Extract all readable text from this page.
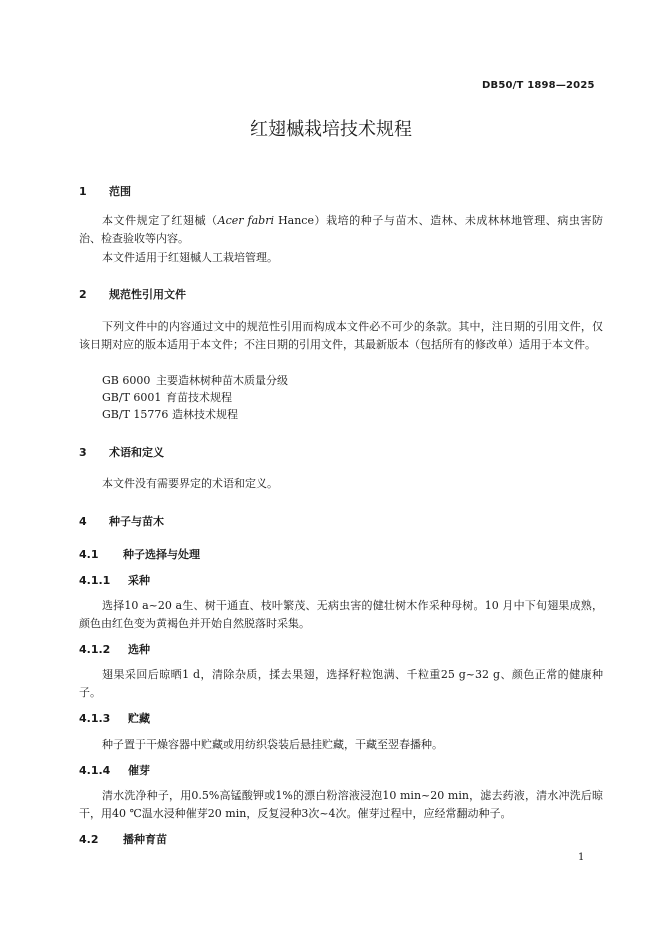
DB50/T 1898—2025
红翅槭栽培技术规程
1 范围
本文件规定了红翅槭（Acer fabri Hance）栽培的种子与苗木、造林、未成林林地管理、病虫害防治、检查验收等内容。
本文件适用于红翅槭人工栽培管理。
2 规范性引用文件
下列文件中的内容通过文中的规范性引用而构成本文件必不可少的条款。其中，注日期的引用文件，仅该日期对应的版本适用于本文件；不注日期的引用文件，其最新版本（包括所有的修改单）适用于本文件。
GB 6000 主要造林树种苗木质量分级
GB/T 6001 育苗技术规程
GB/T 15776 造林技术规程
3 术语和定义
本文件没有需要界定的术语和定义。
4 种子与苗木
4.1 种子选择与处理
4.1.1 采种
选择10 a~20 a生、树干通直、枝叶繁茂、无病虫害的健壮树木作采种母树。10 月中下旬翅果成熟，颜色由红色变为黄褐色并开始自然脱落时采集。
4.1.2 选种
翅果采回后晾晒1 d，清除杂质，揉去果翅，选择籽粒饱满、千粒重25 g~32 g、颜色正常的健康种子。
4.1.3 贮藏
种子置于干燥容器中贮藏或用纺织袋装后悬挂贮藏，干藏至翌春播种。
4.1.4 催芽
清水洗净种子，用0.5%高锰酸钾或1%的漂白粉溶液浸泡10 min~20 min，滤去药液，清水冲洗后晾干，用40 ℃温水浸种催芽20 min，反复浸种3次~4次。催芽过程中，应经常翻动种子。
4.2 播种育苗
1
